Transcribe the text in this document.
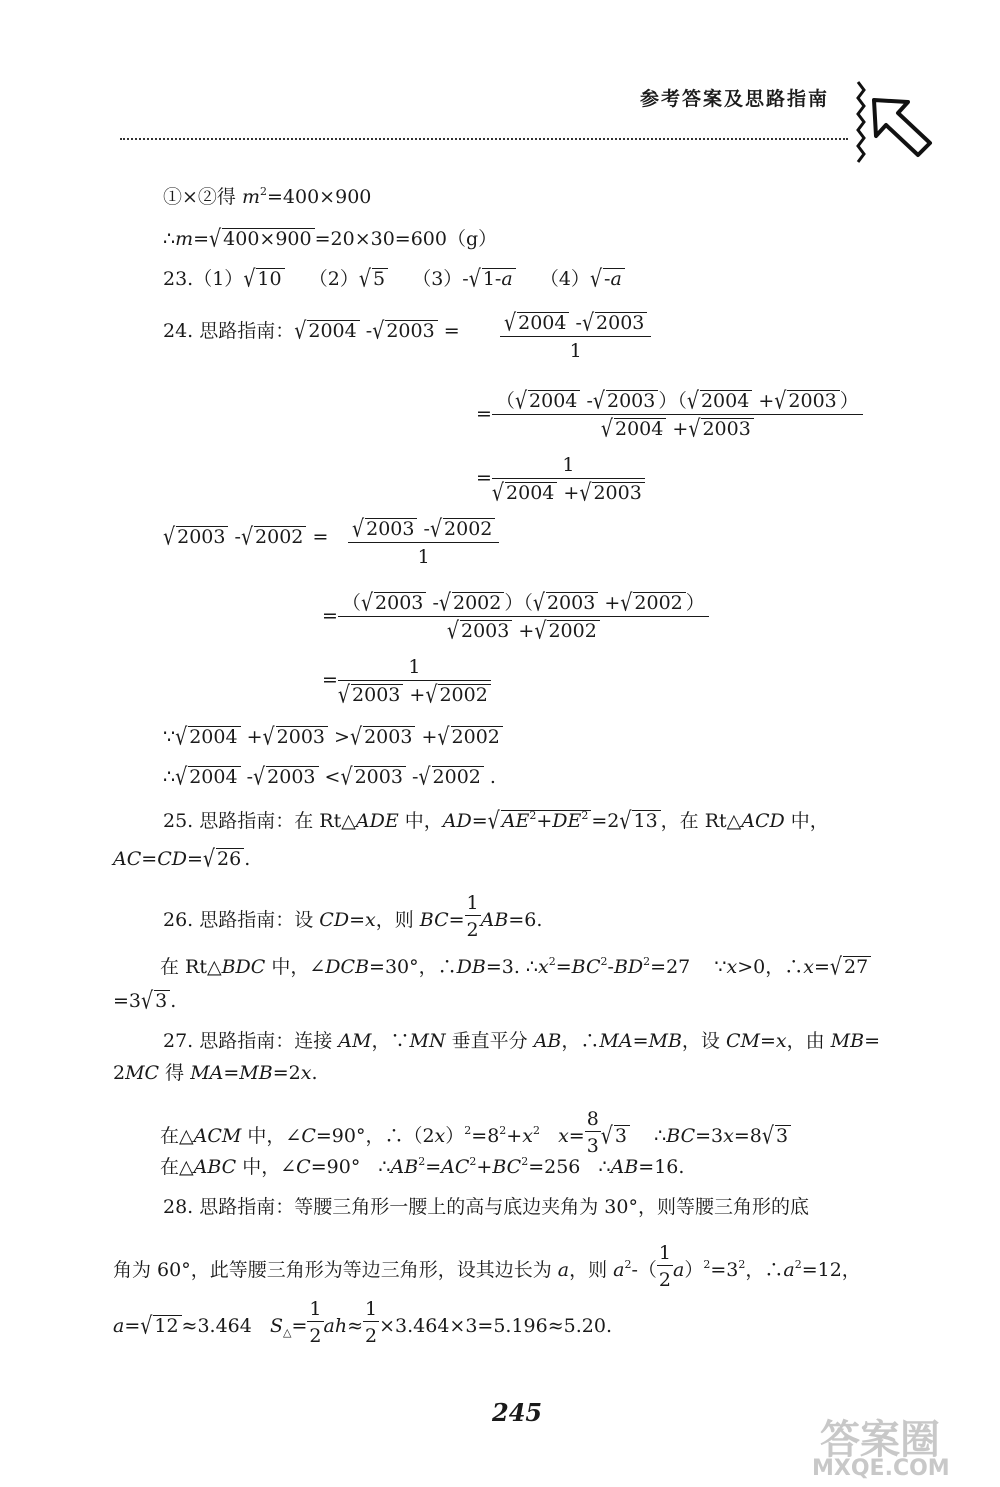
参考答案及思路指南
①×②得 $m^2=400\times 900$
∴m=√ 400×900 =20×30=600（g）
23.（1）√ 10    （2）√ 5    （3）-√ 1-a    （4）√ -a
24. 思路指南：√ 2004 -√ $2003 = \frac{√ 2004 -√ 2003}{1}$
= $\frac{(√ 2004 -√ 2003 )(√ 2004 +√ 2003 )}{√ 2004 +√ 2003}$
= $\frac{1}{√ 2004 +√ 2003}$
√ 2003 -√ $2002 = \frac{√ 2003 -√ 2002}{1}$
= $\frac{(√ 2003 -√ 2002 )(√ 2003 +√ 2002 )}{√ 2003 +√ 2002}$
= $\frac{1}{√ 2003 +√ 2002}$
∵√ 2004 +√ 2003 >√ 2003 +√ 2002
∴√ 2004 -√ 2003 <√ 2003 -√ 2002 .
25. 思路指南：在 Rt△ADE 中，AD=√ $AE^2+DE^2 =2√$ 13 ，在 Rt△ACD 中，
AC=CD=√ 26 .
26. 思路指南：设 CD=x，则 $BC= \frac{1}{2} AB=6$.
在 Rt△BDC 中，∠DCB=30°，∴DB=3. $\therefore x^2=BC^2-BD^2=27$    ∵x>0，∴x=√ 27
=3√ 3 .
27. 思路指南：连接 AM，∵MN 垂直平分 AB，∴MA=MB，设 CM=x，由 MB=
2MC 得 MA=MB=2x.
在△ACM 中，∠C=90°，$\therefore(2x)^2=8^2+x^2$ $x= \frac{8}{3}$ √ 3    ∴BC=3x=8√ 3
在△ABC 中，∠C=90°   $\therefore AB^2=AC^2+BC^2=256$   ∴AB=16.
28. 思路指南：等腰三角形一腰上的高与底边夹角为 30°，则等腰三角形的底
角为 60°，此等腰三角形为等边三角形，设其边长为 a，则 $a^2-( \frac{1}{2} a)^2=3^2$，$\therefore a^2=12$，
a=√ 12 ≈3.464   $S_\triangle= \frac{1}{2} ah\approx \frac{1}{2} \times 3.464\times 3=5.196\approx 5.20$.
245
答案圈
MXQE.COM
